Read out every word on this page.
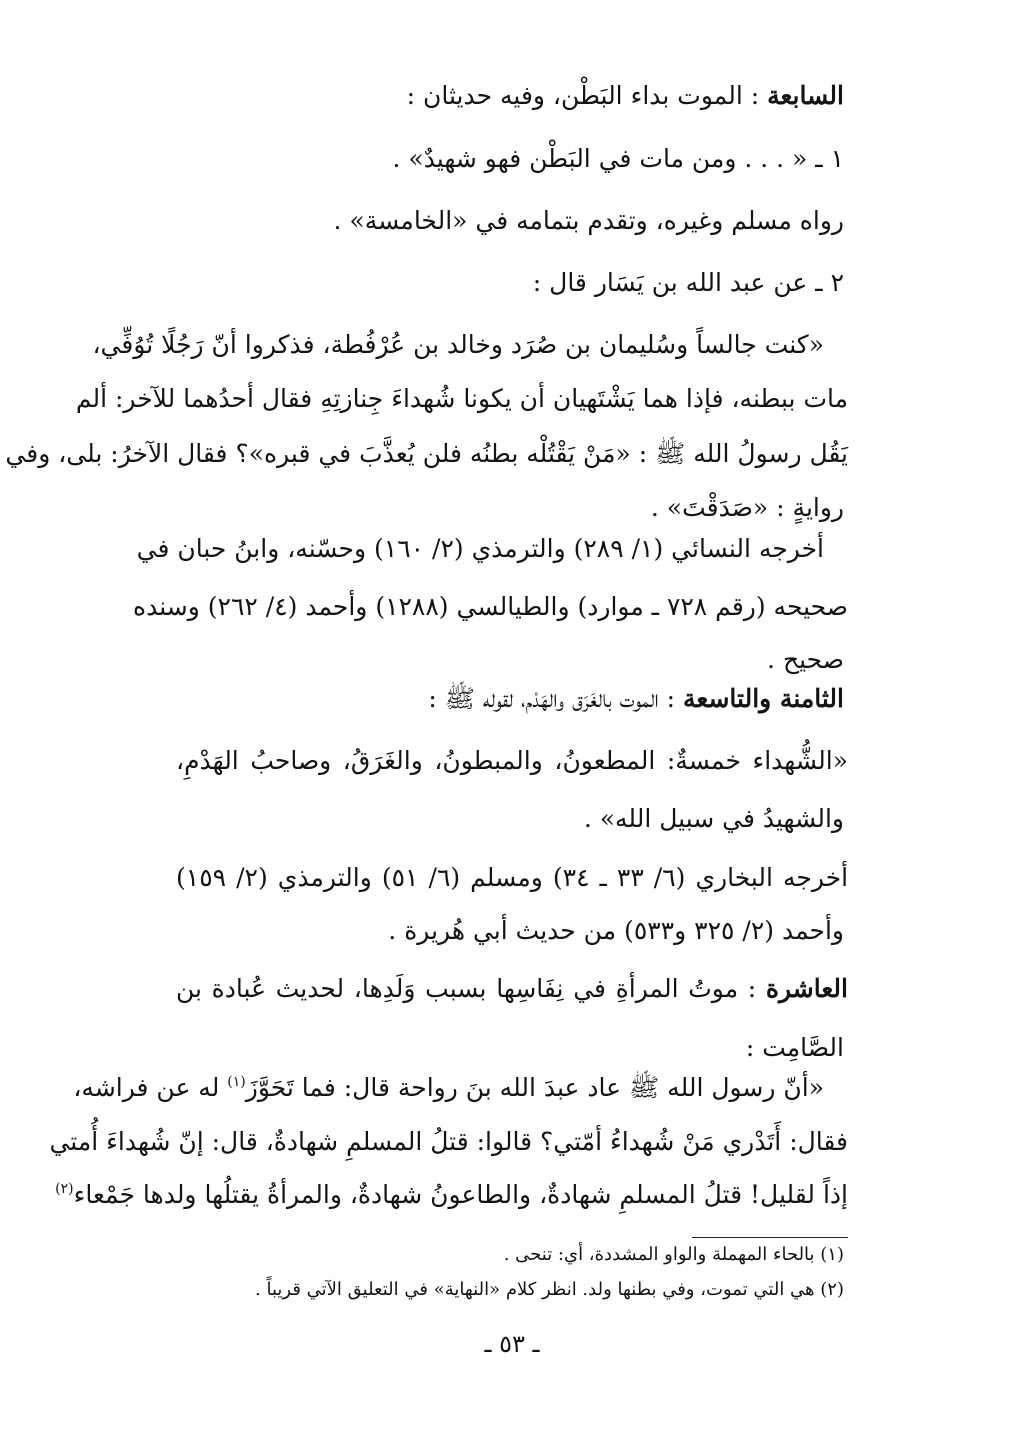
السابعة : الموت بداء البَطْن، وفيه حديثان :
١ ـ « . . . ومن مات في البَطْن فهو شهيدٌ» .
رواه مسلم وغيره، وتقدم بتمامه في «الخامسة» .
٢ ـ عن عبد الله بن يَسَار قال :
«كنت جالساً وسُليمان بن صُرَد وخالد بن عُرْفُطة، فذكروا أنّ رَجُلًا تُوُفِّي،
مات ببطنه، فإذا هما يَشْتَهيان أن يكونا شُهداءَ جِنازتِهِ فقال أحدُهما للآخر: ألم
يَقُل رسولُ الله ﷺ : «مَنْ يَقْتُلْه بطنُه فلن يُعذَّبَ في قبره»؟ فقال الآخرُ: بلى، وفي
روايةٍ : «صَدَقْتَ» .
أخرجه النسائي (١/ ٢٨٩) والترمذي (٢/ ١٦٠) وحسّنه، وابنُ حبان في
صحيحه (رقم ٧٢٨ ـ موارد) والطيالسي (١٢٨٨) وأحمد (٤/ ٢٦٢) وسنده
صحيح .
الثامنة والتاسعة : الموت بالغَرَق والهَدْم، لقوله ﷺ :
«الشُّهداء خمسةٌ: المطعونُ، والمبطونُ، والغَرَقُ، وصاحبُ الهَدْمِ،
والشهيدُ في سبيل الله» .
أخرجه البخاري (٦/ ٣٣ ـ ٣٤) ومسلم (٦/ ٥١) والترمذي (٢/ ١٥٩)
وأحمد (٢/ ٣٢٥ و٥٣٣) من حديث أبي هُريرة .
العاشرة : موتُ المرأةِ في نِفَاسِها بسبب وَلَدِها، لحديث عُبادة بن
الصَّامِت :
«أنّ رسول الله ﷺ عاد عبدَ الله بنَ رواحة قال: فما تَحَوَّزَ$^{(١)}$ له عن فراشه،
فقال: أَتَدْري مَنْ شُهداءُ أمّتي؟ قالوا: قتلُ المسلمِ شهادةٌ، قال: إنّ شُهداءَ أُمتي
إذاً لقليل! قتلُ المسلمِ شهادةٌ، والطاعونُ شهادةٌ، والمرأةُ يقتلُها ولدها جَمْعاء$^{(٢)}$
(١) بالحاء المهملة والواو المشددة، أي: تنحى .
(٢) هي التي تموت، وفي بطنها ولد. انظر كلام «النهاية» في التعليق الآتي قريباً .
ـ ٥٣ ـ
